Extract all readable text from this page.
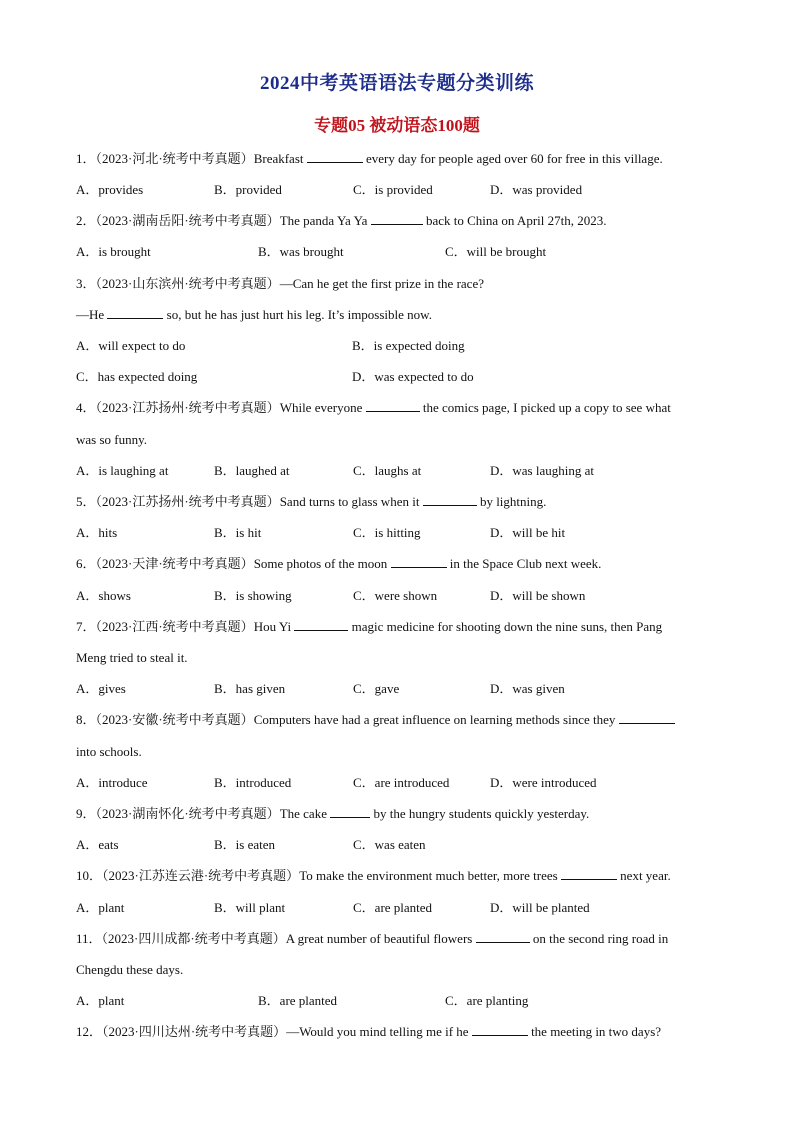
2024中考英语语法专题分类训练
专题05 被动语态100题
1．（2023·河北·统考中考真题）Breakfast	every day for people aged over 60 for free in this village.
A．provides	B．provided	C．is provided	D．was provided
2．（2023·湖南岳阳·统考中考真题）The panda Ya Ya	back to China on April 27th, 2023.
A．is brought	B．was brought	C．will be brought
3．（2023·山东滨州·统考中考真题）—Can he get the first prize in the race?
—He	so, but he has just hurt his leg. It’s impossible now.
A．will expect to do	B．is expected doing
C．has expected doing	D．was expected to do
4．（2023·江苏扬州·统考中考真题）While everyone	the comics page, I picked up a copy to see what
was so funny.
A．is laughing at	B．laughed at	C．laughs at	D．was laughing at
5．（2023·江苏扬州·统考中考真题）Sand turns to glass when it	by lightning.
A．hits	B．is hit	C．is hitting	D．will be hit
6．（2023·天津·统考中考真题）Some photos of the moon	in the Space Club next week.
A．shows	B．is showing	C．were shown	D．will be shown
7．（2023·江西·统考中考真题）Hou Yi	magic medicine for shooting down the nine suns, then Pang
Meng tried to steal it.
A．gives	B．has given	C．gave	D．was given
8．（2023·安徽·统考中考真题）Computers have had a great influence on learning methods since they
into schools.
A．introduce	B．introduced	C．are introduced	D．were introduced
9．（2023·湖南怀化·统考中考真题）The cake	by the hungry students quickly yesterday.
A．eats	B．is eaten	C．was eaten
10．（2023·江苏连云港·统考中考真题）To make the environment much better, more trees	next year.
A．plant	B．will plant	C．are planted	D．will be planted
11．（2023·四川成都·统考中考真题）A great number of beautiful flowers	on the second ring road in
Chengdu these days.
A．plant	B．are planted	C．are planting
12．（2023·四川达州·统考中考真题）—Would you mind telling me if he	the meeting in two days?
